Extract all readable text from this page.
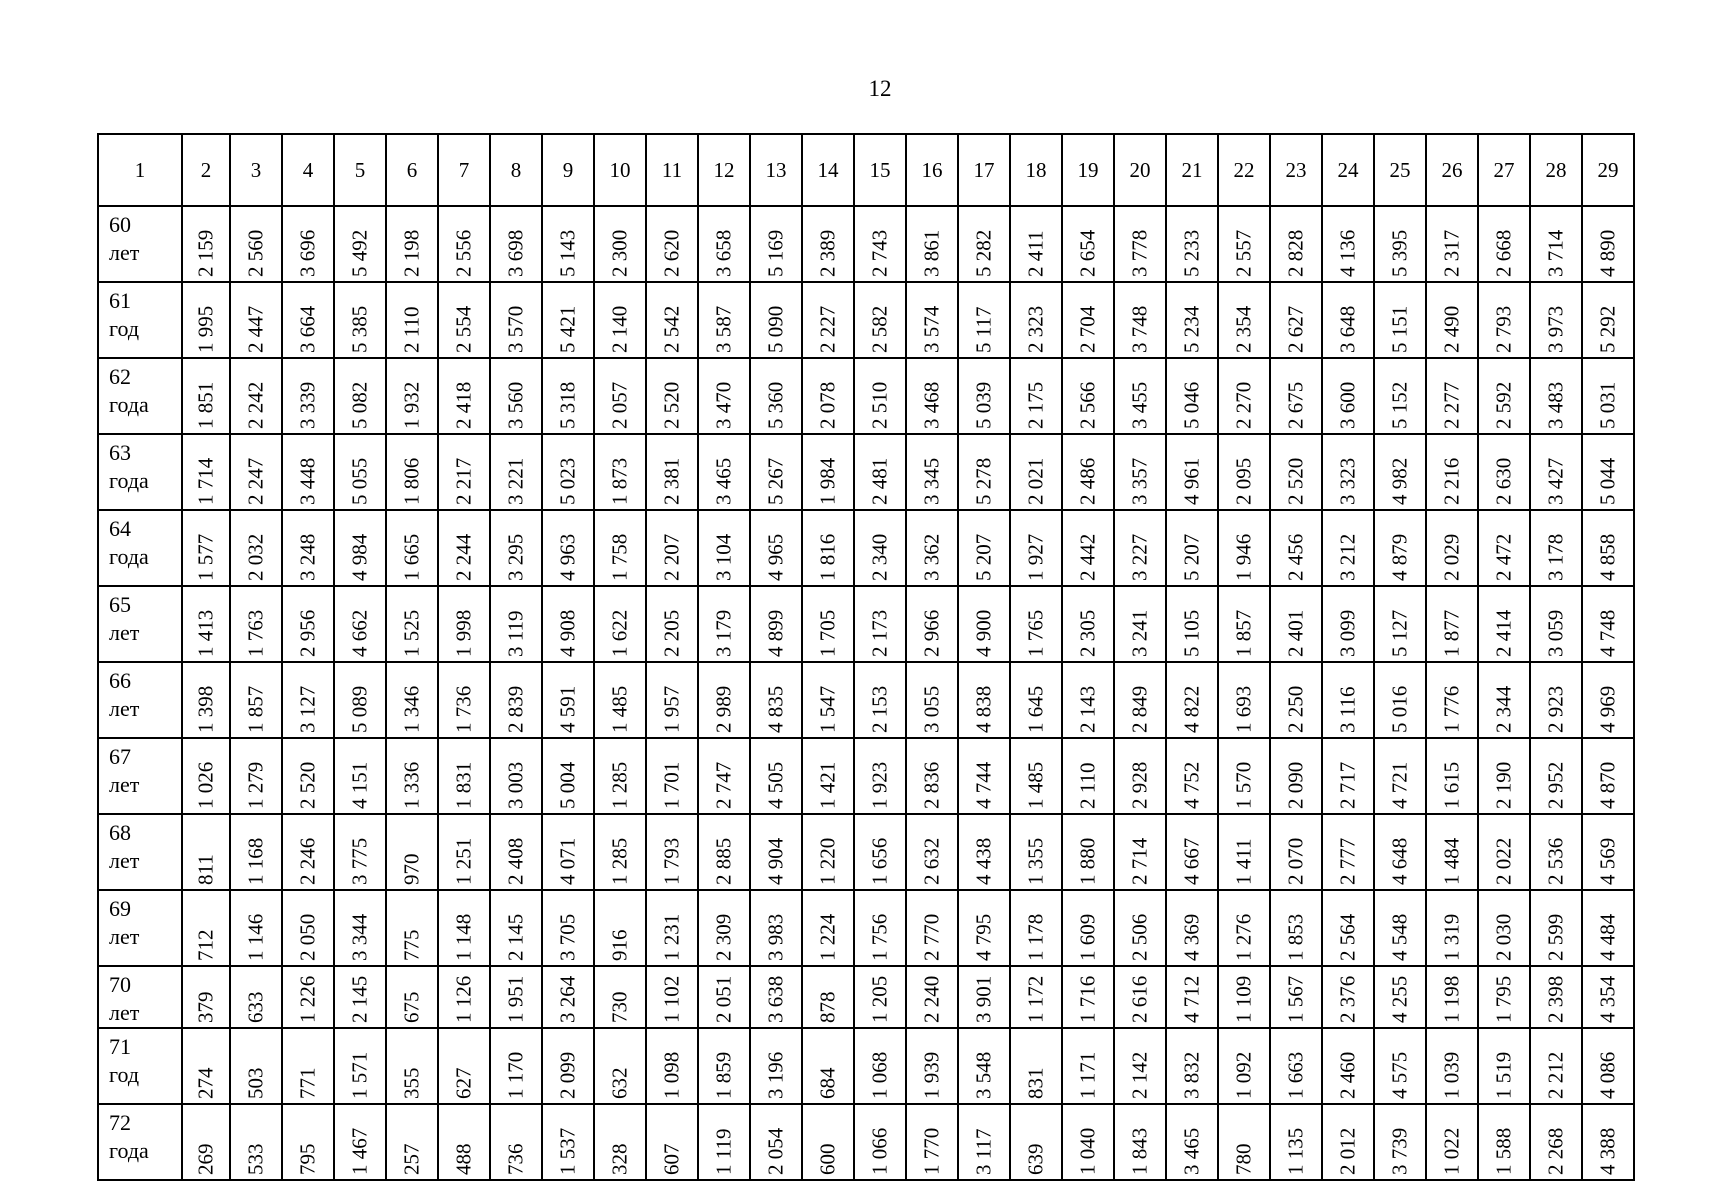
12
1	2	3	4	5	6	7	8	9	10	11	12	13	14	15	16	17	18	19	20	21	22	23	24	25	26	27	28	29

60
лет	2 159	2 560	3 696	5 492	2 198	2 556	3 698	5 143	2 300	2 620	3 658	5 169	2 389	2 743	3 861	5 282	2 411	2 654	3 778	5 233	2 557	2 828	4 136	5 395	2 317	2 668	3 714	4 890

61
год	1 995	2 447	3 664	5 385	2 110	2 554	3 570	5 421	2 140	2 542	3 587	5 090	2 227	2 582	3 574	5 117	2 323	2 704	3 748	5 234	2 354	2 627	3 648	5 151	2 490	2 793	3 973	5 292

62
года	1 851	2 242	3 339	5 082	1 932	2 418	3 560	5 318	2 057	2 520	3 470	5 360	2 078	2 510	3 468	5 039	2 175	2 566	3 455	5 046	2 270	2 675	3 600	5 152	2 277	2 592	3 483	5 031

63
года	1 714	2 247	3 448	5 055	1 806	2 217	3 221	5 023	1 873	2 381	3 465	5 267	1 984	2 481	3 345	5 278	2 021	2 486	3 357	4 961	2 095	2 520	3 323	4 982	2 216	2 630	3 427	5 044

64
года	1 577	2 032	3 248	4 984	1 665	2 244	3 295	4 963	1 758	2 207	3 104	4 965	1 816	2 340	3 362	5 207	1 927	2 442	3 227	5 207	1 946	2 456	3 212	4 879	2 029	2 472	3 178	4 858

65
лет	1 413	1 763	2 956	4 662	1 525	1 998	3 119	4 908	1 622	2 205	3 179	4 899	1 705	2 173	2 966	4 900	1 765	2 305	3 241	5 105	1 857	2 401	3 099	5 127	1 877	2 414	3 059	4 748

66
лет	1 398	1 857	3 127	5 089	1 346	1 736	2 839	4 591	1 485	1 957	2 989	4 835	1 547	2 153	3 055	4 838	1 645	2 143	2 849	4 822	1 693	2 250	3 116	5 016	1 776	2 344	2 923	4 969

67
лет	1 026	1 279	2 520	4 151	1 336	1 831	3 003	5 004	1 285	1 701	2 747	4 505	1 421	1 923	2 836	4 744	1 485	2 110	2 928	4 752	1 570	2 090	2 717	4 721	1 615	2 190	2 952	4 870

68
лет	811	1 168	2 246	3 775	970	1 251	2 408	4 071	1 285	1 793	2 885	4 904	1 220	1 656	2 632	4 438	1 355	1 880	2 714	4 667	1 411	2 070	2 777	4 648	1 484	2 022	2 536	4 569

69
лет	712	1 146	2 050	3 344	775	1 148	2 145	3 705	916	1 231	2 309	3 983	1 224	1 756	2 770	4 795	1 178	1 609	2 506	4 369	1 276	1 853	2 564	4 548	1 319	2 030	2 599	4 484

70
лет	379	633	1 226	2 145	675	1 126	1 951	3 264	730	1 102	2 051	3 638	878	1 205	2 240	3 901	1 172	1 716	2 616	4 712	1 109	1 567	2 376	4 255	1 198	1 795	2 398	4 354

71
год	274	503	771	1 571	355	627	1 170	2 099	632	1 098	1 859	3 196	684	1 068	1 939	3 548	831	1 171	2 142	3 832	1 092	1 663	2 460	4 575	1 039	1 519	2 212	4 086

72
года	269	533	795	1 467	257	488	736	1 537	328	607	1 119	2 054	600	1 066	1 770	3 117	639	1 040	1 843	3 465	780	1 135	2 012	3 739	1 022	1 588	2 268	4 388
